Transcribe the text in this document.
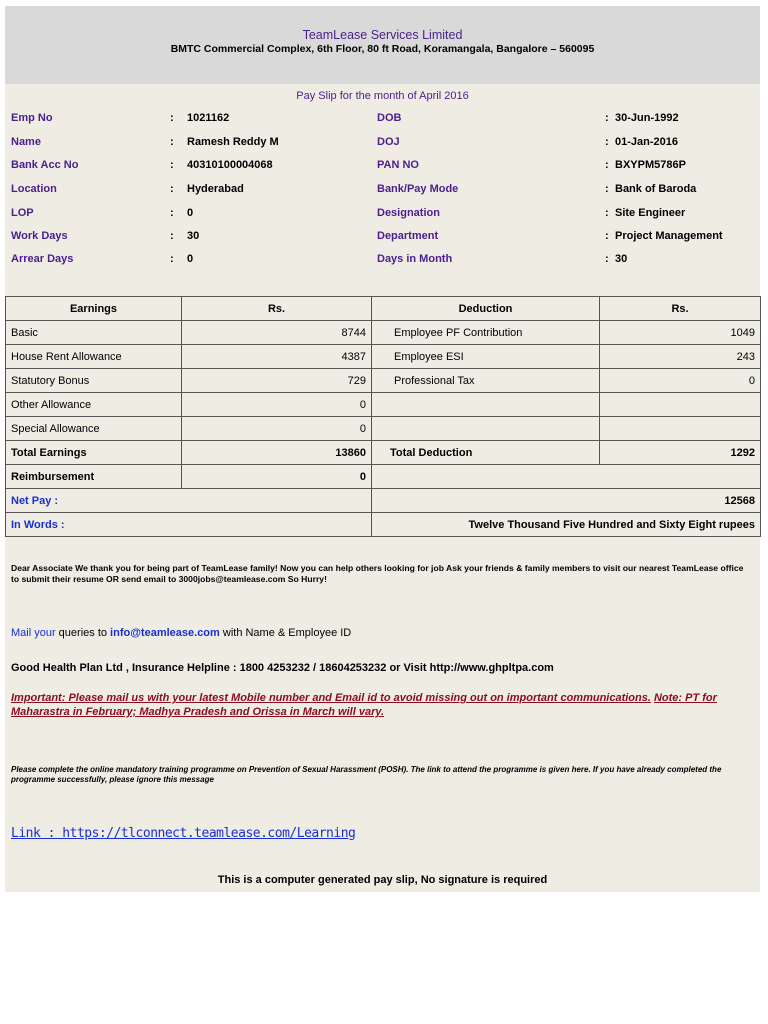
TeamLease Services Limited
BMTC Commercial Complex, 6th Floor, 80 ft Road, Koramangala, Bangalore – 560095
Pay Slip for the month of April 2016
Emp No	: 1021162	DOB	: 30-Jun-1992
Name	: Ramesh Reddy M	DOJ	: 01-Jan-2016
Bank Acc No	: 40310100004068	PAN NO	: BXYPM5786P
Location	: Hyderabad	Bank/Pay Mode	: Bank of Baroda
LOP	: 0	Designation	: Site Engineer
Work Days	: 30	Department	: Project Management
Arrear Days	: 0	Days in Month	: 30
Earnings	Rs.	Deduction	Rs.
Basic	8744	Employee PF Contribution	1049
House Rent Allowance	4387	Employee ESI	243
Statutory Bonus	729	Professional Tax	0
Other Allowance	0		
Special Allowance	0		
Total Earnings	13860	Total Deduction	1292
Reimbursement	0		
Net Pay :		12568	
In Words :		Twelve Thousand Five Hundred and Sixty Eight rupees	
Dear Associate We thank you for being part of TeamLease family! Now you can help others looking for job Ask your friends & family members to visit our nearest TeamLease office to submit their resume OR send email to 3000jobs@teamlease.com So Hurry!
Mail your queries to info@teamlease.com with Name & Employee ID
Good Health Plan Ltd , Insurance Helpline : 1800 4253232 / 18604253232 or Visit http://www.ghpltpa.com
Important: Please mail us with your latest Mobile number and Email id to avoid missing out on important communications. Note: PT for Maharastra in February; Madhya Pradesh and Orissa in March will vary.
Please complete the online mandatory training programme on Prevention of Sexual Harassment (POSH). The link to attend the programme is given here. If you have already completed the programme successfully, please ignore this message
Link : https://tlconnect.teamlease.com/Learning
This is a computer generated pay slip, No signature is required
